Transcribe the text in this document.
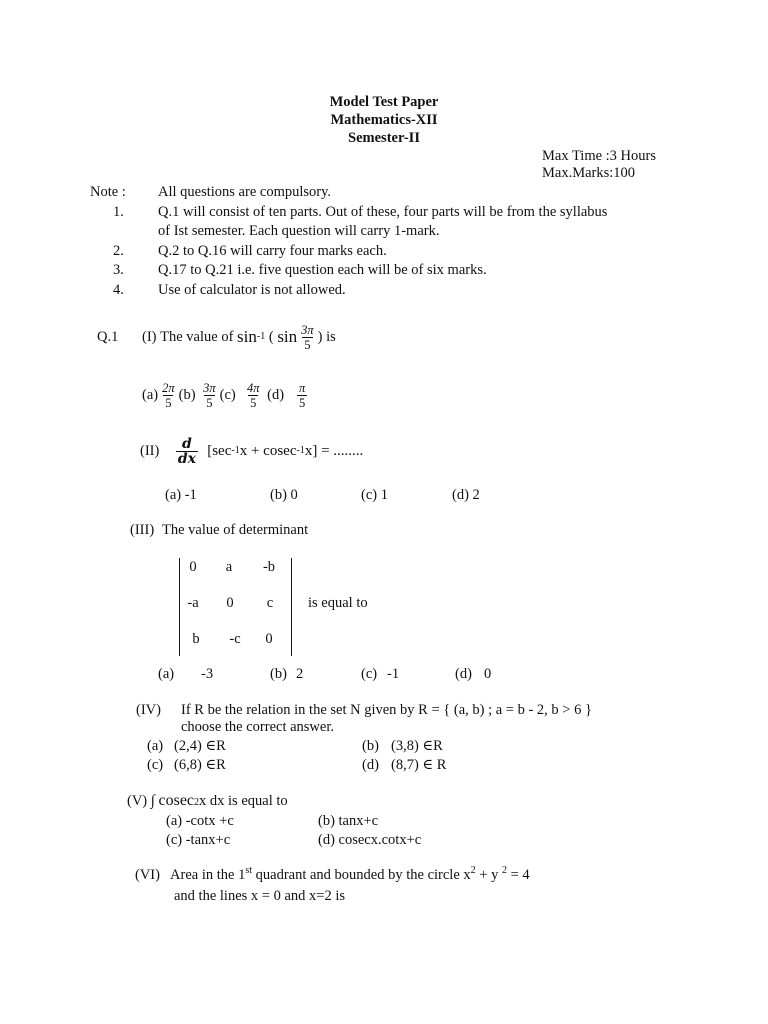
Model Test Paper
Mathematics-XII
Semester-II
Max Time :3 Hours
Max.Marks:100
Note : All questions are compulsory.
1. Q.1 will consist of ten parts. Out of these, four parts will be from the syllabus
of Ist semester. Each question will carry 1-mark.
2. Q.2 to Q.16 will carry four marks each.
3. Q.17 to Q.21 i.e. five question each will be of six marks.
4. Use of calculator is not allowed.
Q.1 (I)
The value of
sin -1
(
$\sin \frac{3\pi}{5}$ )
is
$(a) \frac{2\pi}{5} (b)$
$\frac{3\pi}{5} (c)$
$\frac{4\pi}{5}$
(d)
$\frac{\pi}{5}$
(II)
$\frac{d}{dx}$
[sec -1 x + cosec -1 x] = ........
(a) -1	(b) 0	(c) 1	(d) 2
(III) The value of determinant
0	a	-b
-a	0	c
b	-c	0
is equal to
(a) -3	(b) 2	(c) -1	(d) 0
(IV) If R be the relation in the set N given by R = { (a, b) ; a = b - 2, b > 6 }
choose the correct answer.
(a) (2,4) ∈R	(b) (3,8) ∈R
(c) (6,8) ∈R	(d) (8,7) ∈ R
(V)
∫
cosec 2 x dx is equal to
(a) -cotx +c	(b) tanx+c
(c) -tanx+c	(d) cosecx.cotx+c
(VI) Area in the 1st quadrant and bounded by the circle $x^2 + y$ $^2$ = 4
and the lines x = 0 and x=2 is
